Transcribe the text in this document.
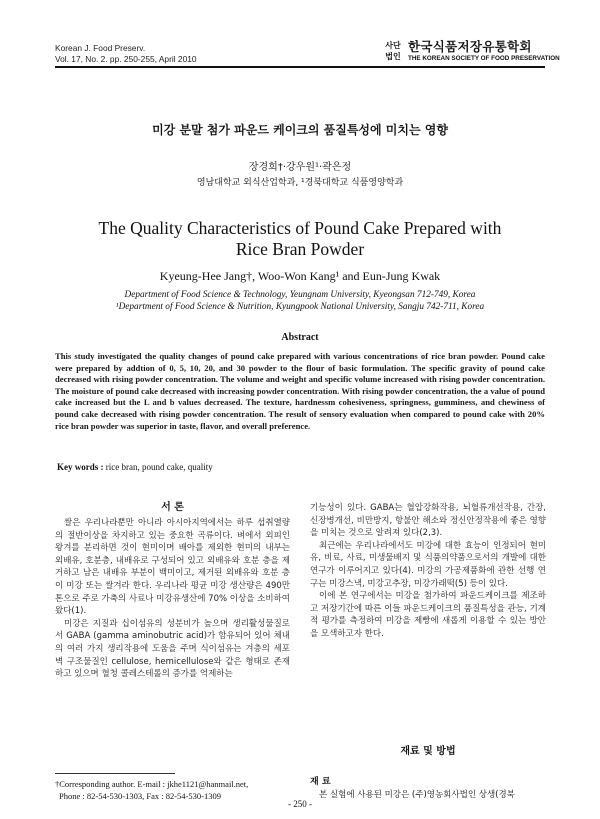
Korean J. Food Preserv.
Vol. 17, No. 2. pp. 250-255, April 2010
사단
법인
한국식품저장유통학회
THE KOREAN SOCIETY OF FOOD PRESERVATION
미강 분말 첨가 파운드 케이크의 품질특성에 미치는 영향
장경희†·강우원¹·곽은정
영남대학교 외식산업학과, ¹경북대학교 식품영양학과
The Quality Characteristics of Pound Cake Prepared with Rice Bran Powder
Kyeung-Hee Jang†, Woo-Won Kang¹ and Eun-Jung Kwak
Department of Food Science & Technology, Yeungnam University, Kyeongsan 712-749, Korea
¹Department of Food Science & Nutrition, Kyungpook National University, Sangju 742-711, Korea
Abstract
This study investigated the quality changes of pound cake prepared with various concentrations of rice bran powder. Pound cake were prepared by addtion of 0, 5, 10, 20, and 30 powder to the flour of basic formulation. The specific gravity of pound cake decreased with rising powder concentration. The volume and weight and specific volume increased with rising powder concentration. The moisture of pound cake decreased with increasing powder concentration. With rising powder concentration, the a value of pound cake increased but the L and b values decreased. The texture, hardnessm cohesiveness, springness, gumminess, and chewiness of pound cake decreased with rising powder concentration. The result of sensory evaluation when compared to pound cake with 20% rice bran powder was superior in taste, flavor, and overall preference.
Key words : rice bran, pound cake, quality
서 론

쌀은 우리나라뿐만 아니라 아시아지역에서는 하루 섭취열량의 절반이상을 차지하고 있는 중요한 곡류이다. 벼에서 외피인 왕겨를 분리하면 것이 현미이며 배아를 제외한 현미의 내부는 외배유, 호분층, 내배유로 구성되어 있고 외배유와 호분 층을 제거하고 남은 내배유 부분이 백미이고, 제거된 외배유와 호분 층이 미강 또는 쌀겨라 한다. 우리나라 평균 미강 생산량은 490만 톤으로 주로 가축의 사료나 미강유생산에 70% 이상을 소비하여 왔다(1).

미강은 지질과 십이섬유의 성분비가 높으며 생리활성물질로서 GABA (gamma aminobutric acid)가 함유되어 있어 체내의 여러 가지 생리작용에 도움을 주며 식이섬유는 겨층의 세포벽 구조물질인 cellulose, hemicellulose와 같은 형태로 존재하고 있으며 혈청 콜레스테롤의 증가를 억제하는

기능성이 있다. GABA는 혈압강화작용, 뇌혈류개선작용, 간장, 신장병개선, 비만방지, 항불안 해소와 정신안정작용에 좋은 영향을 미치는 것으로 알려져 있다(2,3).

최근에는 우리나라에서도 미강에 대한 효능이 인정되어 현미유, 비료, 사료, 미생물배지 및 식품의약품으로서의 개발에 대한 연구가 이루어지고 있다(4). 미강의 가공제품화에 관한 선행 연구는 미강스낵, 미강고추장, 미강가래떡(5) 등이 있다.

이에 본 연구에서는 미강을 첨가하여 파운드케이크를 제조하고 저장기간에 따른 이들 파운드케이크의 품질특성을 관능, 기계적 평가를 측정하여 미강을 제빵에 새롭게 이용할 수 있는 방안을 모색하고자 한다.

재료 및 방법
재 료
본 실험에 사용된 미강은 (주)영농회사법인 상생(경북
†Corresponding author. E-mail : jkhe1121@hanmail.net,
Phone : 82-54-530-1303, Fax : 82-54-530-1309
- 250 -
